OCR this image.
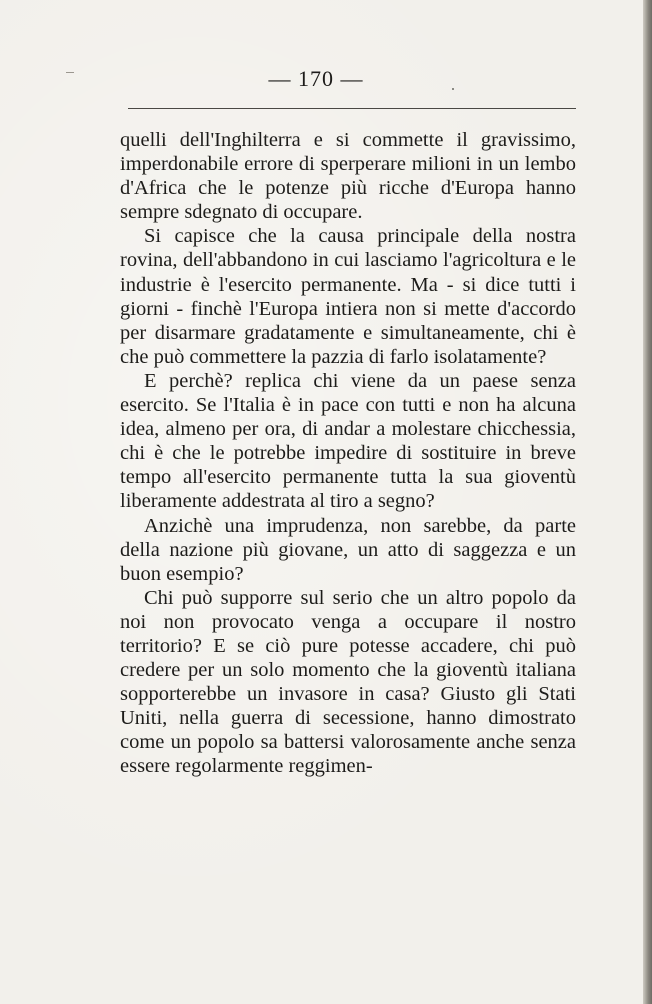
— 170 —

quelli dell'Inghilterra e si commette il gravissimo, imperdonabile errore di sperperare milioni in un lembo d'Africa che le potenze più ricche d'Europa hanno sempre sdegnato di occupare.

Si capisce che la causa principale della nostra rovina, dell'abbandono in cui lasciamo l'agricoltura e le industrie è l'esercito permanente. Ma - si dice tutti i giorni - finchè l'Europa intiera non si mette d'accordo per disarmare gradatamente e simultaneamente, chi è che può commettere la pazzia di farlo isolatamente?

E perchè? replica chi viene da un paese senza esercito. Se l'Italia è in pace con tutti e non ha alcuna idea, almeno per ora, di andar a molestare chicchessia, chi è che le potrebbe impedire di sostituire in breve tempo all'esercito permanente tutta la sua gioventù liberamente addestrata al tiro a segno?

Anzichè una imprudenza, non sarebbe, da parte della nazione più giovane, un atto di saggezza e un buon esempio?

Chi può supporre sul serio che un altro popolo da noi non provocato venga a occupare il nostro territorio? E se ciò pure potesse accadere, chi può credere per un solo momento che la gioventù italiana sopporterebbe un invasore in casa? Giusto gli Stati Uniti, nella guerra di secessione, hanno dimostrato come un popolo sa battersi valorosamente anche senza essere regolarmente reggimen-
